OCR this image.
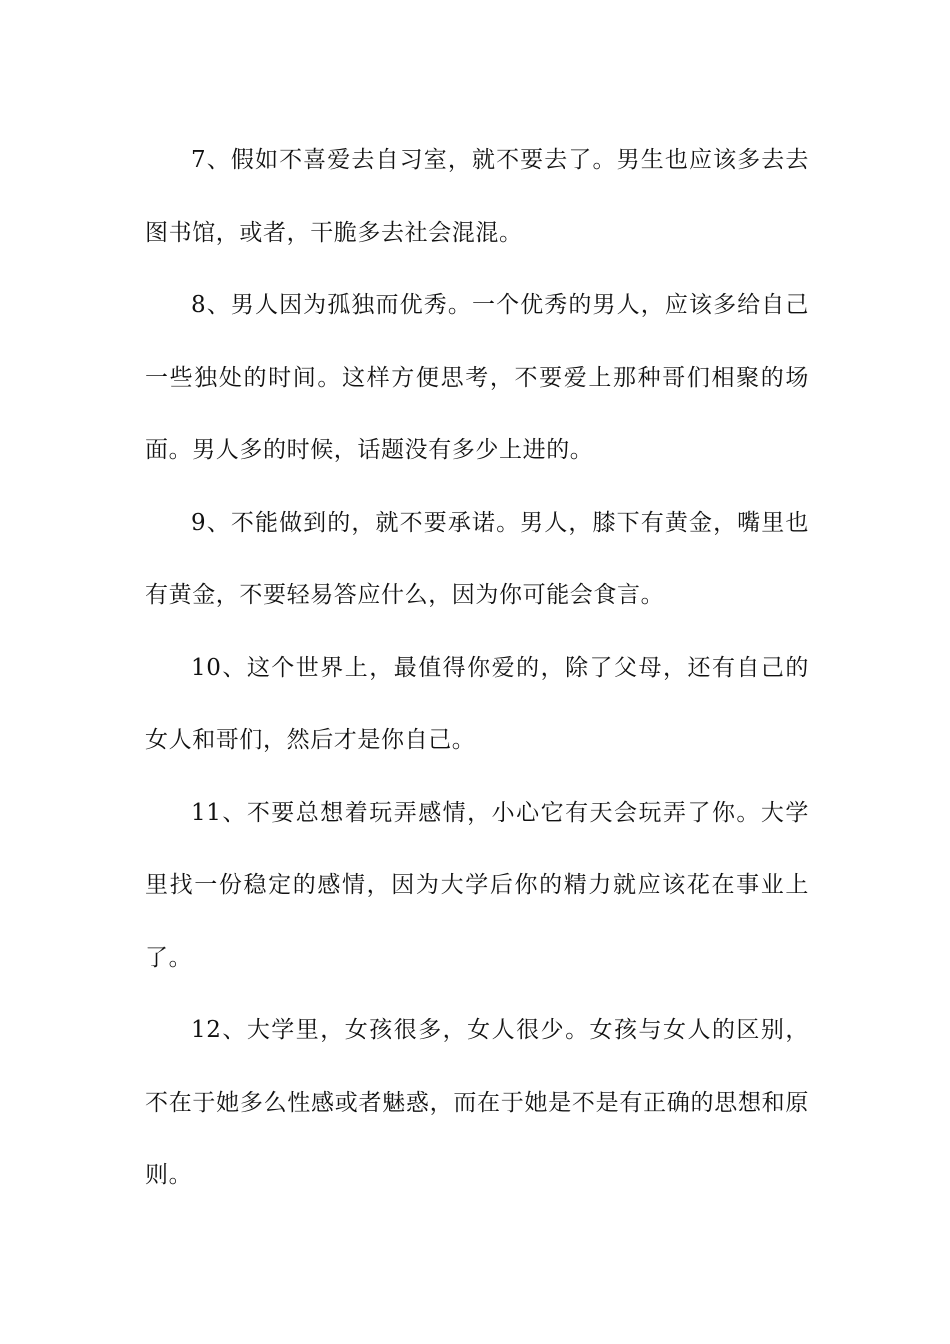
7、假如不喜爱去自习室，就不要去了。男生也应该多去去图书馆，或者，干脆多去社会混混。

8、男人因为孤独而优秀。一个优秀的男人，应该多给自己一些独处的时间。这样方便思考，不要爱上那种哥们相聚的场面。男人多的时候，话题没有多少上进的。

9、不能做到的，就不要承诺。男人，膝下有黄金，嘴里也有黄金，不要轻易答应什么，因为你可能会食言。

10、这个世界上，最值得你爱的，除了父母，还有自己的女人和哥们，然后才是你自己。

11、不要总想着玩弄感情，小心它有天会玩弄了你。大学里找一份稳定的感情，因为大学后你的精力就应该花在事业上了。

12、大学里，女孩很多，女人很少。女孩与女人的区别，不在于她多么性感或者魅惑，而在于她是不是有正确的思想和原则。
